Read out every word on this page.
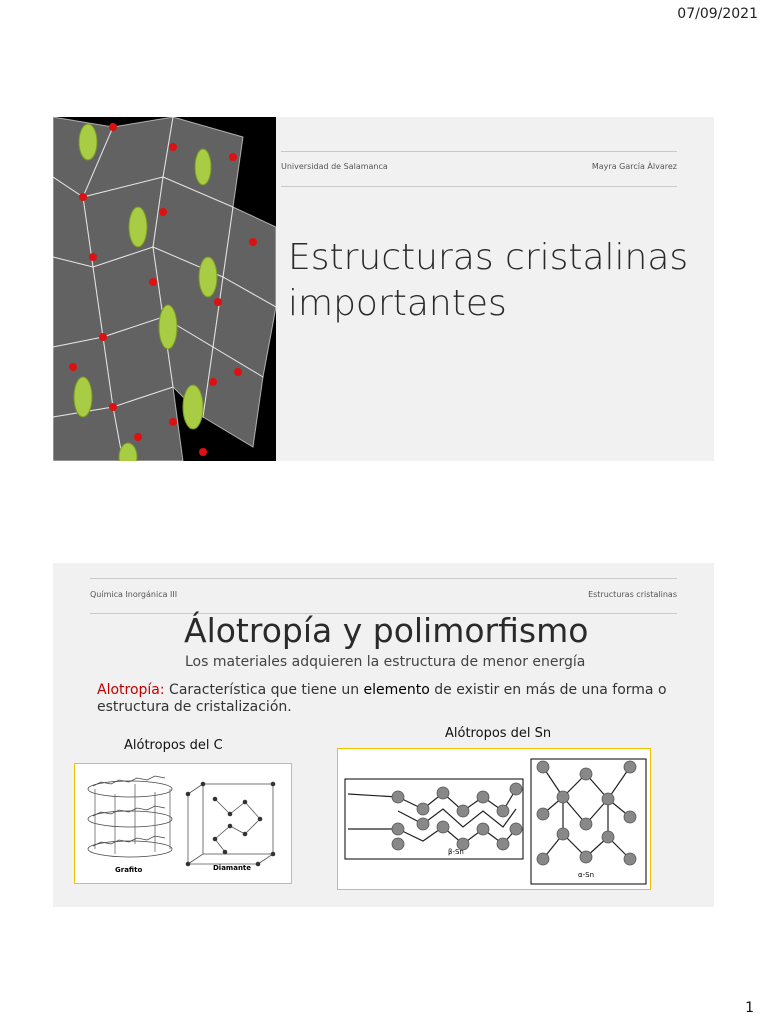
07/09/2021
Universidad de Salamanca	Mayra García Àlvarez
Estructuras cristalinas
importantes
Química Inorgánica III	Estructuras cristalinas
Álotropía y polimorfismo
Los materiales adquieren la estructura de menor energía
Alotropía: Característica que tiene un elemento de existir en más de una forma o estructura de cristalización.
Alótropos del C
Alótropos del Sn
Grafito	Diamante
β-Sn
α-Sn
1
